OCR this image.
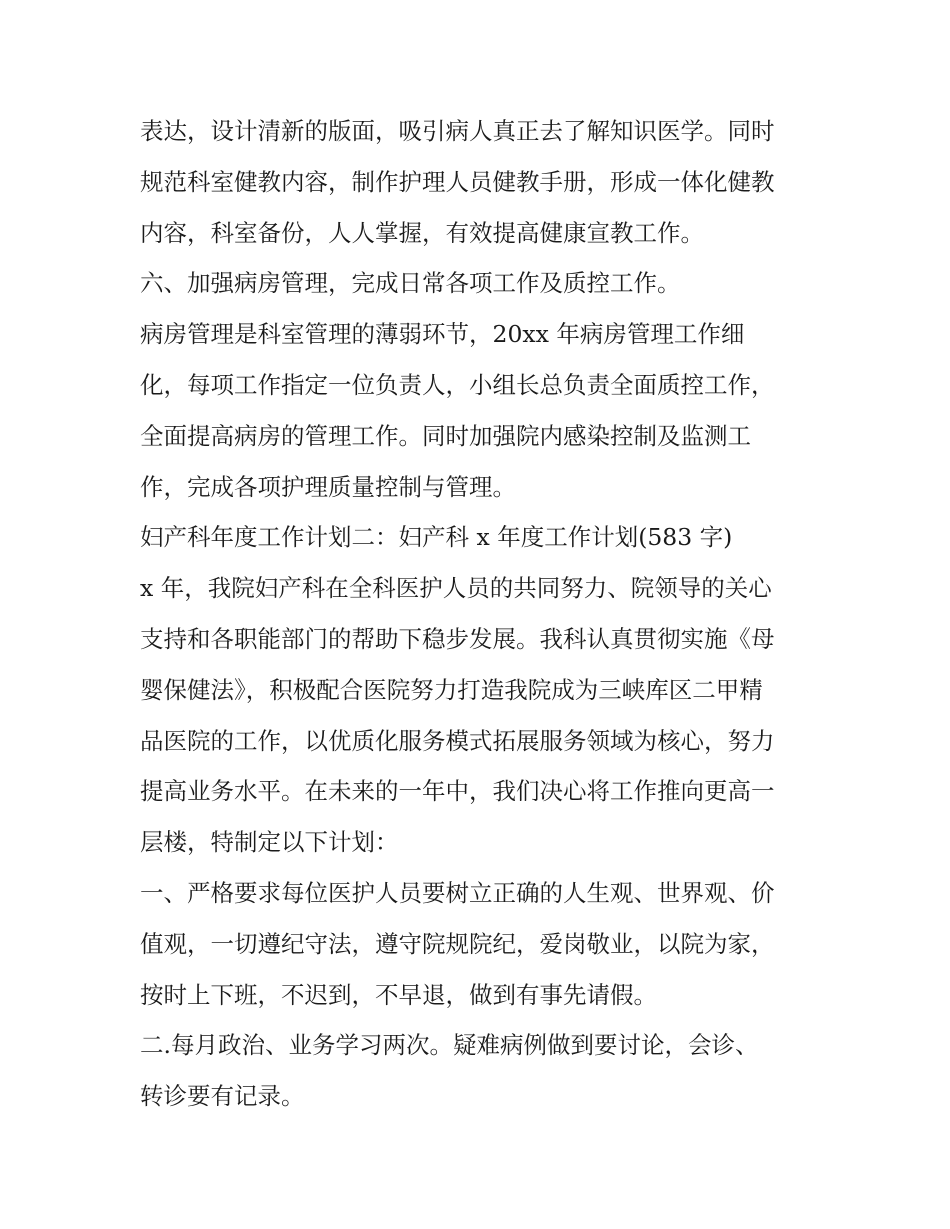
表达，设计清新的版面，吸引病人真正去了解知识医学。同时
规范科室健教内容，制作护理人员健教手册，形成一体化健教
内容，科室备份，人人掌握，有效提高健康宣教工作。
六、加强病房管理，完成日常各项工作及质控工作。
病房管理是科室管理的薄弱环节，20xx 年病房管理工作细
化，每项工作指定一位负责人，小组长总负责全面质控工作，
全面提高病房的管理工作。同时加强院内感染控制及监测工
作，完成各项护理质量控制与管理。
妇产科年度工作计划二：妇产科 x 年度工作计划(583 字)
x 年，我院妇产科在全科医护人员的共同努力、院领导的关心
支持和各职能部门的帮助下稳步发展。我科认真贯彻实施《母
婴保健法》，积极配合医院努力打造我院成为三峡库区二甲精
品医院的工作，以优质化服务模式拓展服务领域为核心，努力
提高业务水平。在未来的一年中，我们决心将工作推向更高一
层楼，特制定以下计划：
一、严格要求每位医护人员要树立正确的人生观、世界观、价
值观，一切遵纪守法，遵守院规院纪，爱岗敬业，以院为家，
按时上下班，不迟到，不早退，做到有事先请假。
二.每月政治、业务学习两次。疑难病例做到要讨论，会诊、
转诊要有记录。
